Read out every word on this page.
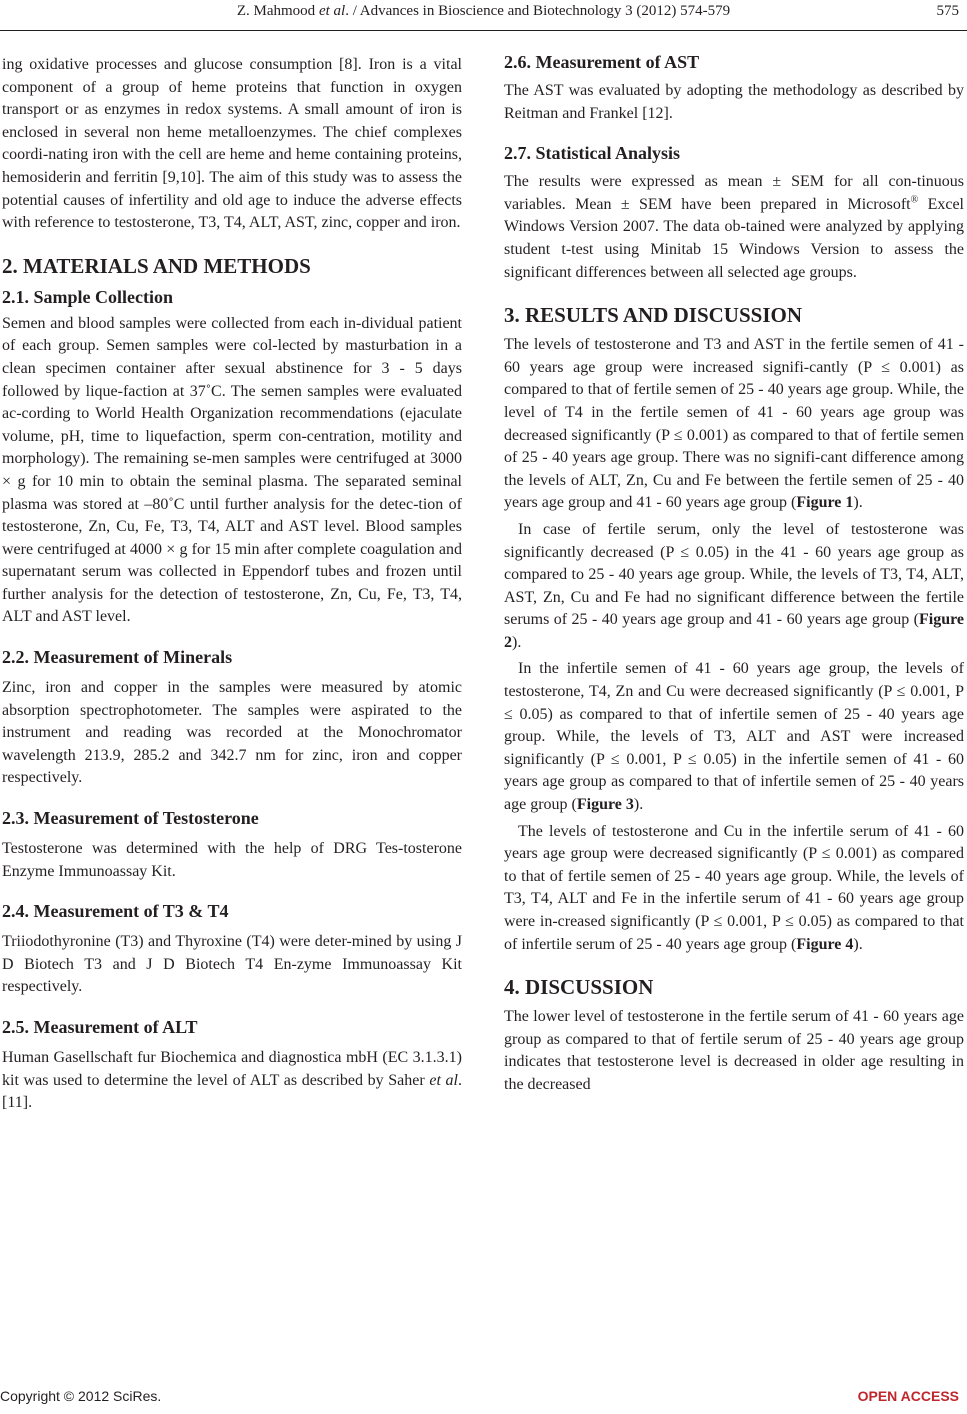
Z. Mahmood et al. / Advances in Bioscience and Biotechnology 3 (2012) 574-579	575

ing oxidative processes and glucose consumption [8]. Iron is a vital component of a group of heme proteins that function in oxygen transport or as enzymes in redox systems. A small amount of iron is enclosed in several non heme metalloenzymes. The chief complexes coordi-nating iron with the cell are heme and heme containing proteins, hemosiderin and ferritin [9,10]. The aim of this study was to assess the potential causes of infertility and old age to induce the adverse effects with reference to testosterone, T3, T4, ALT, AST, zinc, copper and iron.

2. MATERIALS AND METHODS
2.1. Sample Collection

Semen and blood samples were collected from each in-dividual patient of each group. Semen samples were col-lected by masturbation in a clean specimen container after sexual abstinence for 3 - 5 days followed by lique-faction at 37˚C. The semen samples were evaluated ac-cording to World Health Organization recommendations (ejaculate volume, pH, time to liquefaction, sperm con-centration, motility and morphology). The remaining se-men samples were centrifuged at 3000 × g for 10 min to obtain the seminal plasma. The separated seminal plasma was stored at –80˚C until further analysis for the detec-tion of testosterone, Zn, Cu, Fe, T3, T4, ALT and AST level. Blood samples were centrifuged at 4000 × g for 15 min after complete coagulation and supernatant serum was collected in Eppendorf tubes and frozen until further analysis for the detection of testosterone, Zn, Cu, Fe, T3, T4, ALT and AST level.

2.2. Measurement of Minerals

Zinc, iron and copper in the samples were measured by atomic absorption spectrophotometer. The samples were aspirated to the instrument and reading was recorded at the Monochromator wavelength 213.9, 285.2 and 342.7 nm for zinc, iron and copper respectively.

2.3. Measurement of Testosterone

Testosterone was determined with the help of DRG Tes-tosterone Enzyme Immunoassay Kit.

2.4. Measurement of T3 & T4

Triiodothyronine (T3) and Thyroxine (T4) were deter-mined by using J D Biotech T3 and J D Biotech T4 En-zyme Immunoassay Kit respectively.

2.5. Measurement of ALT

Human Gasellschaft fur Biochemica and diagnostica mbH (EC 3.1.3.1) kit was used to determine the level of ALT as described by Saher et al. [11].

2.6. Measurement of AST

The AST was evaluated by adopting the methodology as described by Reitman and Frankel [12].

2.7. Statistical Analysis

The results were expressed as mean ± SEM for all con-tinuous variables. Mean ± SEM have been prepared in Microsoft® Excel Windows Version 2007. The data ob-tained were analyzed by applying student t-test using Minitab 15 Windows Version to assess the significant differences between all selected age groups.

3. RESULTS AND DISCUSSION

The levels of testosterone and T3 and AST in the fertile semen of 41 - 60 years age group were increased signifi-cantly (P ≤ 0.001) as compared to that of fertile semen of 25 - 40 years age group. While, the level of T4 in the fertile semen of 41 - 60 years age group was decreased significantly (P ≤ 0.001) as compared to that of fertile semen of 25 - 40 years age group. There was no signifi-cant difference among the levels of ALT, Zn, Cu and Fe between the fertile semen of 25 - 40 years age group and 41 - 60 years age group (Figure 1).

In case of fertile serum, only the level of testosterone was significantly decreased (P ≤ 0.05) in the 41 - 60 years age group as compared to 25 - 40 years age group. While, the levels of T3, T4, ALT, AST, Zn, Cu and Fe had no significant difference between the fertile serums of 25 - 40 years age group and 41 - 60 years age group (Figure 2).

In the infertile semen of 41 - 60 years age group, the levels of testosterone, T4, Zn and Cu were decreased significantly (P ≤ 0.001, P ≤ 0.05) as compared to that of infertile semen of 25 - 40 years age group. While, the levels of T3, ALT and AST were increased significantly (P ≤ 0.001, P ≤ 0.05) in the infertile semen of 41 - 60 years age group as compared to that of infertile semen of 25 - 40 years age group (Figure 3).

The levels of testosterone and Cu in the infertile serum of 41 - 60 years age group were decreased significantly (P ≤ 0.001) as compared to that of fertile semen of 25 - 40 years age group. While, the levels of T3, T4, ALT and Fe in the infertile serum of 41 - 60 years age group were in-creased significantly (P ≤ 0.001, P ≤ 0.05) as compared to that of infertile serum of 25 - 40 years age group (Figure 4).

4. DISCUSSION

The lower level of testosterone in the fertile serum of 41 - 60 years age group as compared to that of fertile serum of 25 - 40 years age group indicates that testosterone level is decreased in older age resulting in the decreased

Copyright © 2012 SciRes.	OPEN ACCESS
